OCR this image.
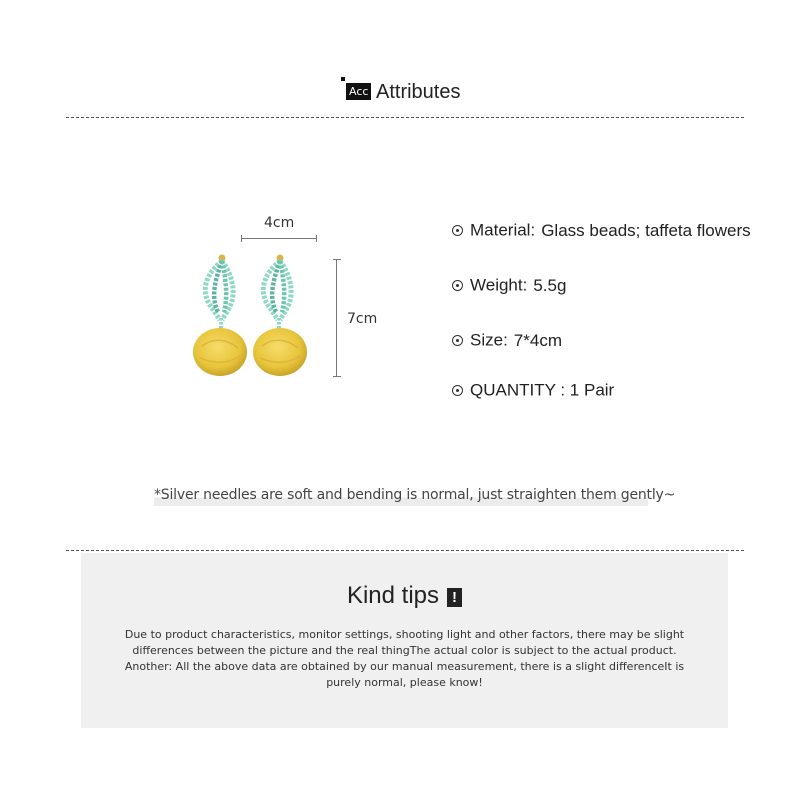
Acc Attributes
4cm
7cm
Material: Glass beads; taffeta flowers
Weight: 5.5g
Size: 7*4cm
QUANTITY : 1 Pair
*Silver needles are soft and bending is normal, just straighten them gently~
Kind tips !
Due to product characteristics, monitor settings, shooting light and other factors, there may be slight
differences between the picture and the real thingThe actual color is subject to the actual product.
Another: All the above data are obtained by our manual measurement, there is a slight differenceIt is
purely normal, please know!
